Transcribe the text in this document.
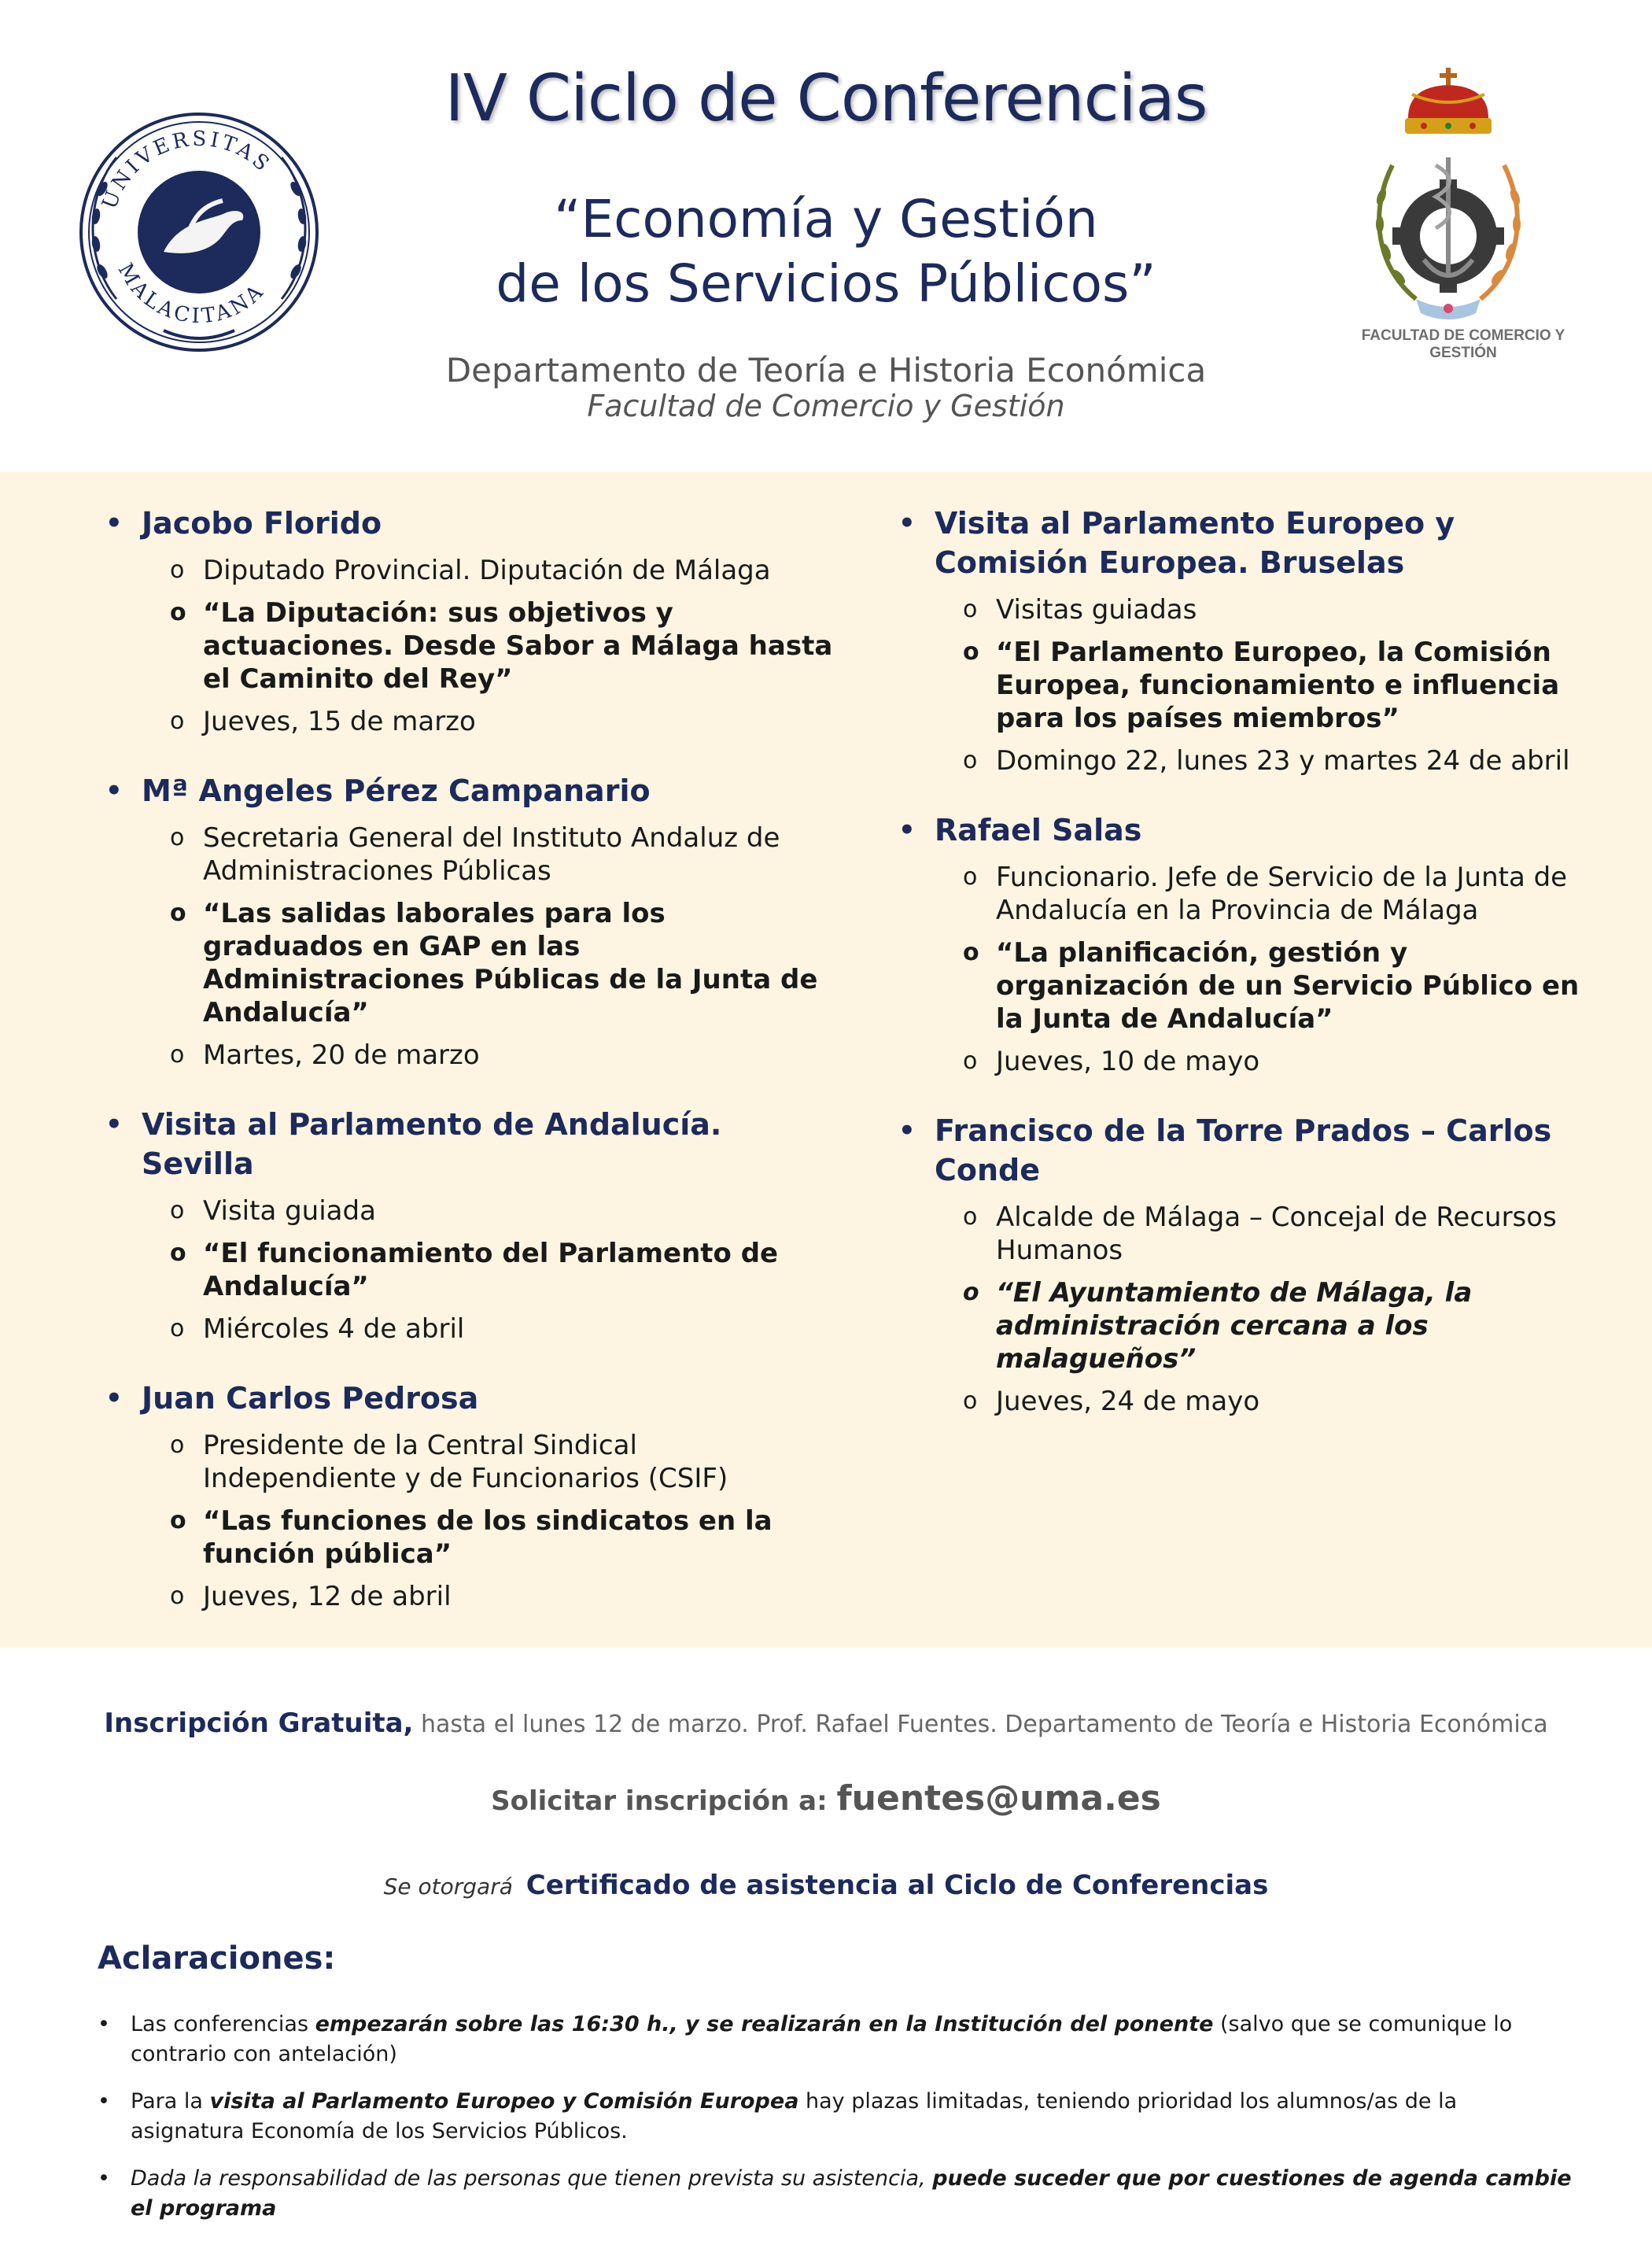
UNIVERSITAS
MALACITANA
IV Ciclo de Conferencias
“Economía y Gestión
de los Servicios Públicos”
Departamento de Teoría e Historia Económica
Facultad de Comercio y Gestión
FACULTAD DE COMERCIO Y GESTIÓN
• Jacobo Florido
o Diputado Provincial. Diputación de Málaga
o “La Diputación: sus objetivos y actuaciones. Desde Sabor a Málaga hasta el Caminito del Rey”
o Jueves, 15 de marzo
• Mª Angeles Pérez Campanario
o Secretaria General del Instituto Andaluz de Administraciones Públicas
o “Las salidas laborales para los graduados en GAP en las Administraciones Públicas de la Junta de Andalucía”
o Martes, 20 de marzo
• Visita al Parlamento de Andalucía. Sevilla
o Visita guiada
o “El funcionamiento del Parlamento de Andalucía”
o Miércoles 4 de abril
• Juan Carlos Pedrosa
o Presidente de la Central Sindical Independiente y de Funcionarios (CSIF)
o “Las funciones de los sindicatos en la función pública”
o Jueves, 12 de abril
• Visita al Parlamento Europeo y Comisión Europea. Bruselas
o Visitas guiadas
o “El Parlamento Europeo, la Comisión Europea, funcionamiento e influencia para los países miembros”
o Domingo 22, lunes 23 y martes 24 de abril
• Rafael Salas
o Funcionario. Jefe de Servicio de la Junta de Andalucía en la Provincia de Málaga
o “La planificación, gestión y organización de un Servicio Público en la Junta de Andalucía”
o Jueves, 10 de mayo
• Francisco de la Torre Prados – Carlos Conde
o Alcalde de Málaga – Concejal de Recursos Humanos
o “El Ayuntamiento de Málaga, la administración cercana a los malagueños”
o Jueves, 24 de mayo
Inscripción Gratuita, hasta el lunes 12 de marzo. Prof. Rafael Fuentes. Departamento de Teoría e Historia Económica
Solicitar inscripción a: fuentes@uma.es
Se otorgará Certificado de asistencia al Ciclo de Conferencias
Aclaraciones:
• Las conferencias empezarán sobre las 16:30 h., y se realizarán en la Institución del ponente (salvo que se comunique lo contrario con antelación)
• Para la visita al Parlamento Europeo y Comisión Europea hay plazas limitadas, teniendo prioridad los alumnos/as de la asignatura Economía de los Servicios Públicos.
• Dada la responsabilidad de las personas que tienen prevista su asistencia, puede suceder que por cuestiones de agenda cambie el programa
